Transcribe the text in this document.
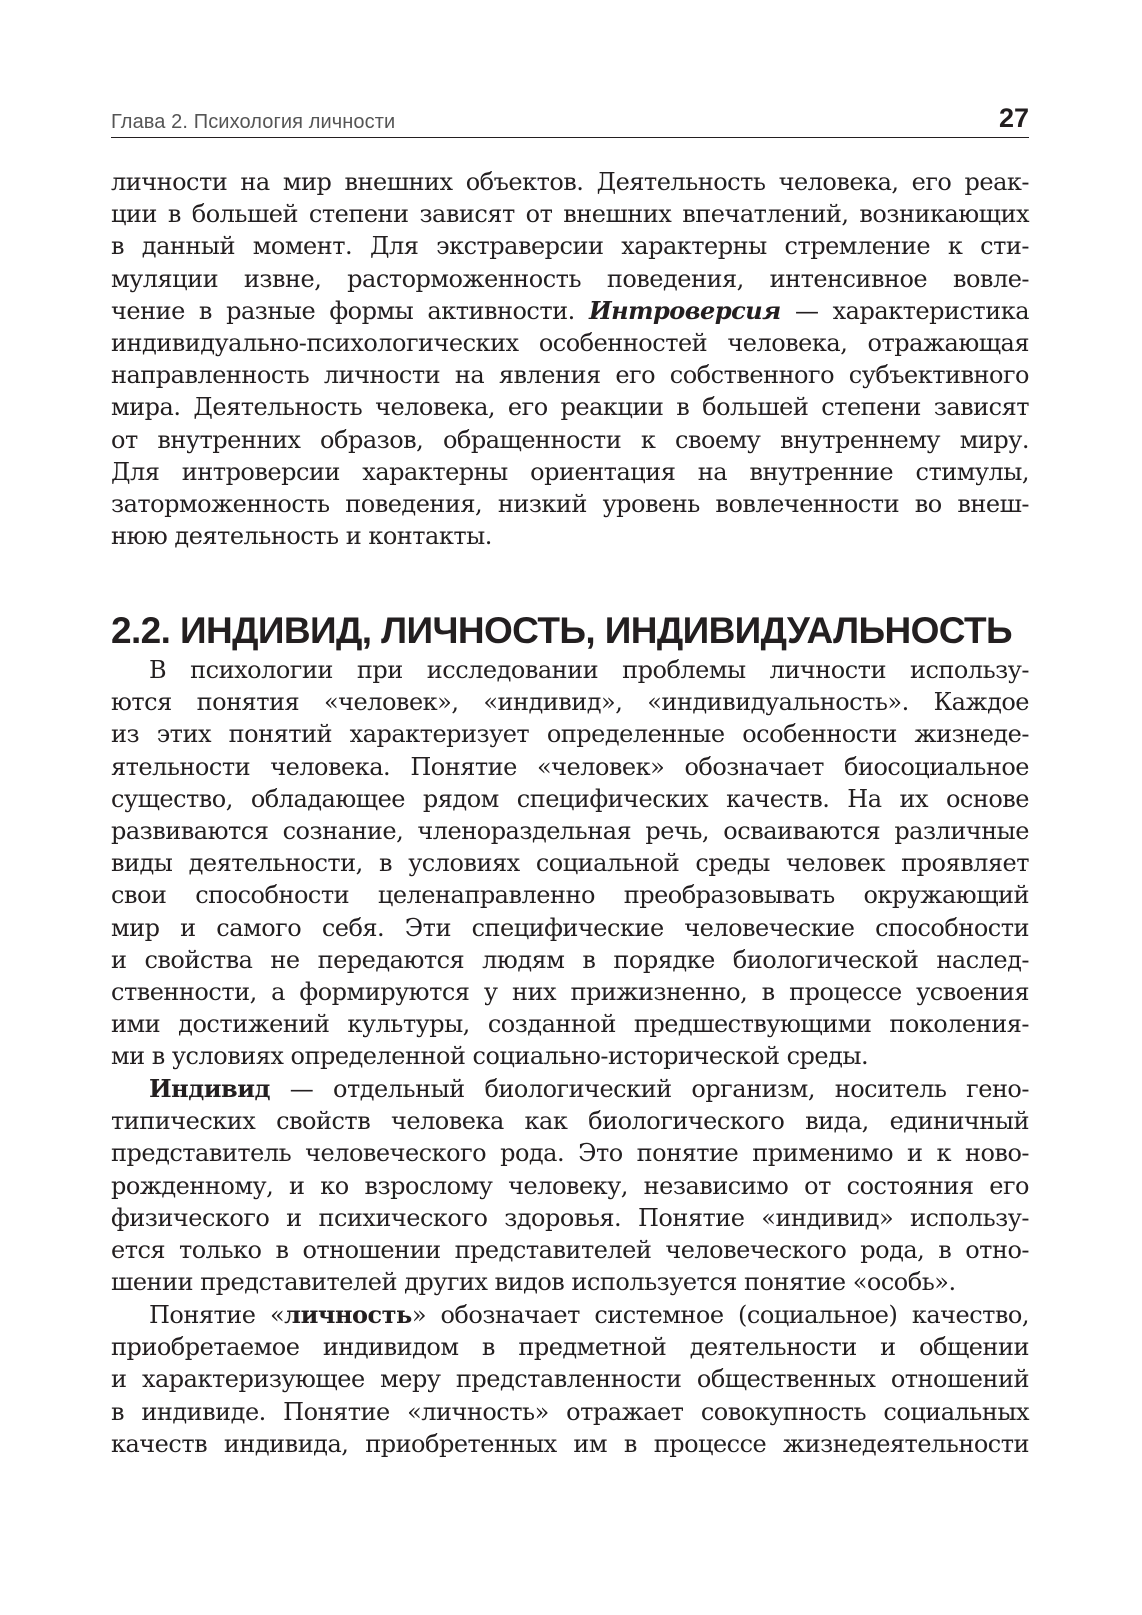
Глава 2. Психология личности	27
личности на мир внешних объектов. Деятельность человека, его реак-
ции в большей степени зависят от внешних впечатлений, возникающих
в данный момент. Для экстраверсии характерны стремление к сти-
муляции извне, расторможенность поведения, интенсивное вовле-
чение в разные формы активности. Интроверсия — характеристика
индивидуально-психологических особенностей человека, отражающая
направленность личности на явления его собственного субъективного
мира. Деятельность человека, его реакции в большей степени зависят
от внутренних образов, обращенности к своему внутреннему миру.
Для интроверсии характерны ориентация на внутренние стимулы,
заторможенность поведения, низкий уровень вовлеченности во внеш-
нюю деятельность и контакты.
2.2. ИНДИВИД, ЛИЧНОСТЬ, ИНДИВИДУАЛЬНОСТЬ
В психологии при исследовании проблемы личности использу-
ются понятия «человек», «индивид», «индивидуальность». Каждое
из этих понятий характеризует определенные особенности жизнеде-
ятельности человека. Понятие «человек» обозначает биосоциальное
существо, обладающее рядом специфических качеств. На их основе
развиваются сознание, членораздельная речь, осваиваются различные
виды деятельности, в условиях социальной среды человек проявляет
свои способности целенаправленно преобразовывать окружающий
мир и самого себя. Эти специфические человеческие способности
и свойства не передаются людям в порядке биологической наслед-
ственности, а формируются у них прижизненно, в процессе усвоения
ими достижений культуры, созданной предшествующими поколения-
ми в условиях определенной социально-исторической среды.
Индивид — отдельный биологический организм, носитель гено-
типических свойств человека как биологического вида, единичный
представитель человеческого рода. Это понятие применимо и к ново-
рожденному, и ко взрослому человеку, независимо от состояния его
физического и психического здоровья. Понятие «индивид» использу-
ется только в отношении представителей человеческого рода, в отно-
шении представителей других видов используется понятие «особь».
Понятие «личность» обозначает системное (социальное) качество,
приобретаемое индивидом в предметной деятельности и общении
и характеризующее меру представленности общественных отношений
в индивиде. Понятие «личность» отражает совокупность социальных
качеств индивида, приобретенных им в процессе жизнедеятельности
